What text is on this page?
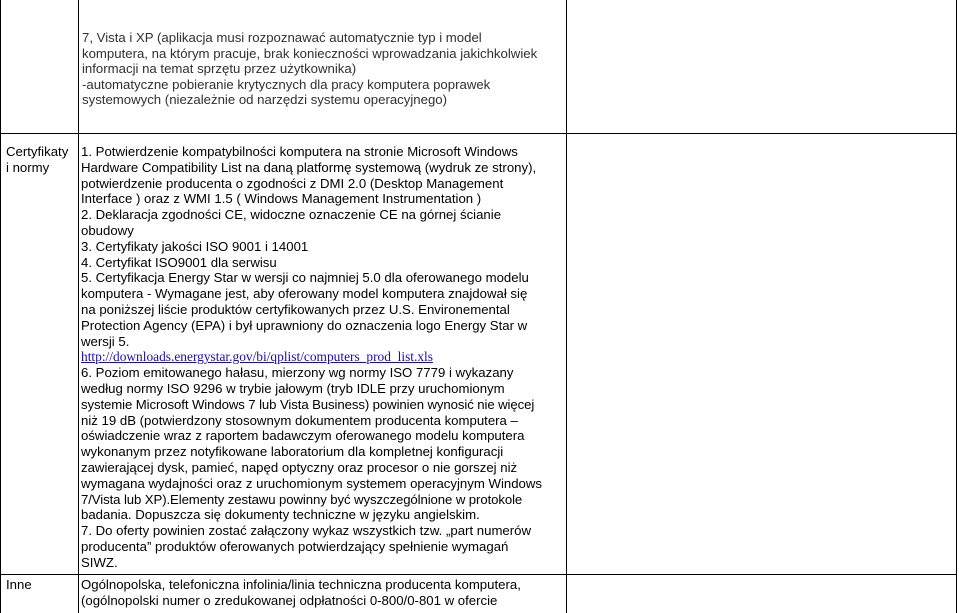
7, Vista i XP (aplikacja musi rozpoznawać automatycznie typ i model
komputera, na którym pracuje, brak konieczności wprowadzania jakichkolwiek
informacji na temat sprzętu przez użytkownika)
-automatyczne pobieranie krytycznych dla pracy komputera poprawek
systemowych (niezależnie od narzędzi systemu operacyjnego)
Certyfikaty
i normy
1. Potwierdzenie kompatybilności komputera na stronie Microsoft Windows
Hardware Compatibility List na daną platformę systemową (wydruk ze strony),
potwierdzenie producenta o zgodności z DMI 2.0 (Desktop Management
Interface ) oraz z WMI 1.5 ( Windows Management Instrumentation )
2. Deklaracja zgodności CE, widoczne oznaczenie CE na górnej ścianie
obudowy
3. Certyfikaty jakości ISO 9001 i 14001
4. Certyfikat ISO9001 dla serwisu
5. Certyfikacja Energy Star w wersji co najmniej 5.0 dla oferowanego modelu
komputera - Wymagane jest, aby oferowany model komputera znajdował się
na poniższej liście produktów certyfikowanych przez U.S. Environemental
Protection Agency (EPA) i był uprawniony do oznaczenia logo Energy Star w
wersji 5.
http://downloads.energystar.gov/bi/qplist/computers_prod_list.xls
6. Poziom emitowanego hałasu, mierzony wg normy ISO 7779 i wykazany
według normy ISO 9296 w trybie jałowym (tryb IDLE przy uruchomionym
systemie Microsoft Windows 7 lub Vista Business) powinien wynosić nie więcej
niż 19 dB (potwierdzony stosownym dokumentem producenta komputera –
oświadczenie wraz z raportem badawczym oferowanego modelu komputera
wykonanym przez notyfikowane laboratorium dla kompletnej konfiguracji
zawierającej dysk, pamieć, napęd optyczny oraz procesor o nie gorszej niż
wymagana wydajności oraz z uruchomionym systemem operacyjnym Windows
7/Vista lub XP).Elementy zestawu powinny być wyszczególnione w protokole
badania. Dopuszcza się dokumenty techniczne w języku angielskim.
7. Do oferty powinien zostać załączony wykaz wszystkich tzw. „part numerów
producenta” produktów oferowanych potwierdzający spełnienie wymagań
SIWZ.
Inne	Ogólnopolska, telefoniczna infolinia/linia techniczna producenta komputera,
(ogólnopolski numer o zredukowanej odpłatności 0-800/0-801 w ofercie
